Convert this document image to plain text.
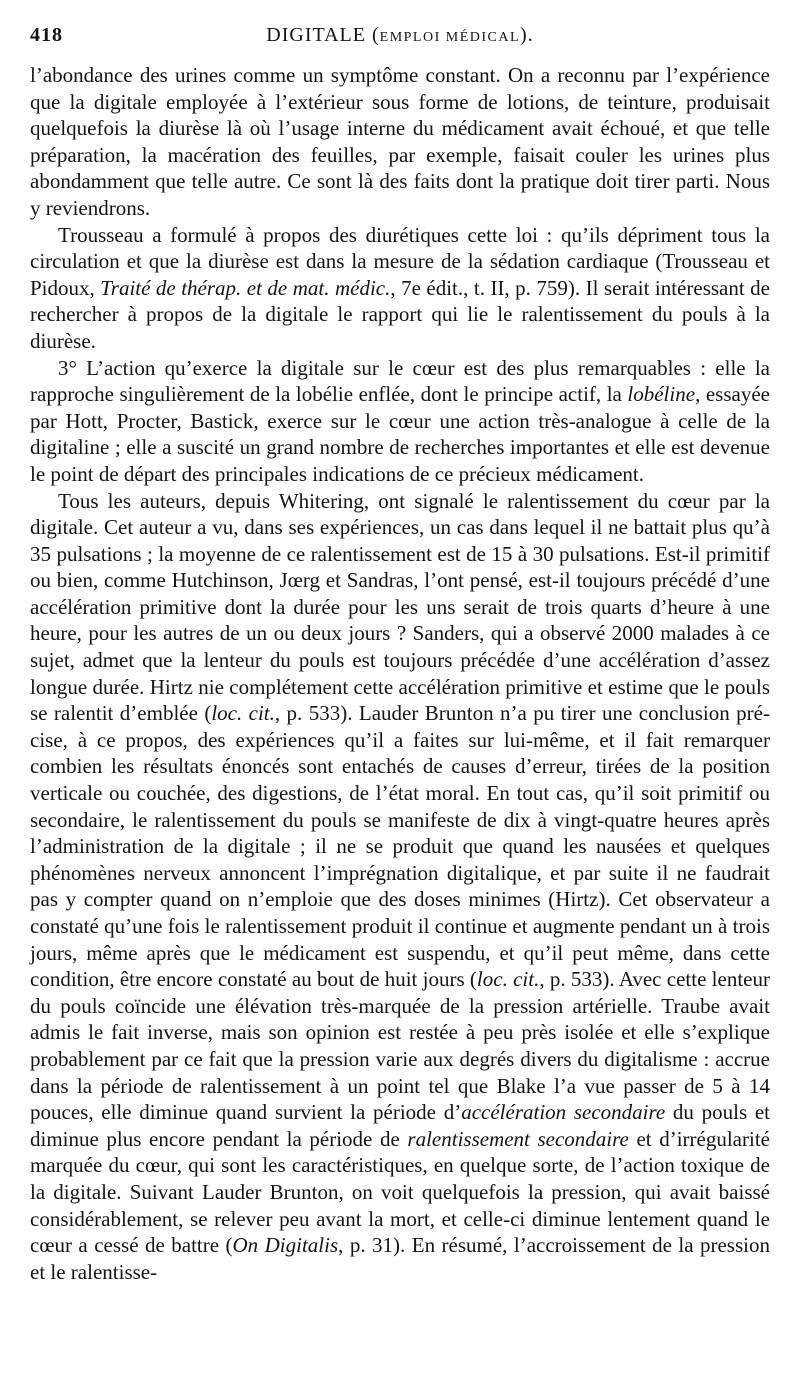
418	DIGITALE (EMPLOI MÉDICAL).

l’abondance des urines comme un symptôme constant. On a reconnu par l’expérience que la digitale employée à l’extérieur sous forme de lotions, de teinture, produisait quelquefois la diurèse là où l’usage interne du médicament avait échoué, et que telle préparation, la macération des feuilles, par exemple, faisait couler les urines plus abondamment que telle autre. Ce sont là des faits dont la pratique doit tirer parti. Nous y reviendrons.

Trousseau a formulé à propos des diurétiques cette loi : qu’ils dépriment tous la circulation et que la diurèse est dans la mesure de la sédation cardiaque (Trousseau et Pidoux, Traité de thérap. et de mat. médic., 7e édit., t. II, p. 759). Il serait intéressant de rechercher à propos de la digitale le rapport qui lie le ralentissement du pouls à la diurèse.

3° L’action qu’exerce la digitale sur le cœur est des plus remarquables : elle la rapproche singulièrement de la lobélie enflée, dont le principe actif, la lobéline, essayée par Hott, Procter, Bastick, exerce sur le cœur une action très-analogue à celle de la digitaline ; elle a suscité un grand nombre de recherches importantes et elle est devenue le point de départ des principales indications de ce précieux médicament.

Tous les auteurs, depuis Whitering, ont signalé le ralentissement du cœur par la digitale. Cet auteur a vu, dans ses expériences, un cas dans lequel il ne battait plus qu’à 35 pulsations ; la moyenne de ce ralentissement est de 15 à 30 pulsations. Est-il primitif ou bien, comme Hutchinson, Jœrg et Sandras, l’ont pensé, est-il toujours précédé d’une accélération primitive dont la durée pour les uns serait de trois quarts d’heure à une heure, pour les autres de un ou deux jours ? Sanders, qui a observé 2000 malades à ce sujet, admet que la lenteur du pouls est toujours précédée d’une accélération d’assez longue durée. Hirtz nie complétement cette accélération primitive et estime que le pouls se ralentit d’emblée (loc. cit., p. 533). Lauder Brunton n’a pu tirer une conclusion pré-cise, à ce propos, des expériences qu’il a faites sur lui-même, et il fait remarquer combien les résultats énoncés sont entachés de causes d’erreur, tirées de la position verticale ou couchée, des digestions, de l’état moral. En tout cas, qu’il soit primitif ou secondaire, le ralentissement du pouls se manifeste de dix à vingt-quatre heures après l’administration de la digitale ; il ne se produit que quand les nausées et quelques phénomènes nerveux annoncent l’imprégnation digitalique, et par suite il ne faudrait pas y compter quand on n’emploie que des doses minimes (Hirtz). Cet observateur a constaté qu’une fois le ralentissement produit il continue et augmente pendant un à trois jours, même après que le médicament est suspendu, et qu’il peut même, dans cette condition, être encore constaté au bout de huit jours (loc. cit., p. 533). Avec cette lenteur du pouls coïncide une élévation très-marquée de la pression artérielle. Traube avait admis le fait inverse, mais son opinion est restée à peu près isolée et elle s’explique probablement par ce fait que la pression varie aux degrés divers du digitalisme : accrue dans la période de ralentissement à un point tel que Blake l’a vue passer de 5 à 14 pouces, elle diminue quand survient la période d’accélération secondaire du pouls et diminue plus encore pendant la période de ralentissement secondaire et d’irrégularité marquée du cœur, qui sont les caractéristiques, en quelque sorte, de l’action toxique de la digitale. Suivant Lauder Brunton, on voit quelquefois la pression, qui avait baissé considérablement, se relever peu avant la mort, et celle-ci diminue lentement quand le cœur a cessé de battre (On Digitalis, p. 31). En résumé, l’accroissement de la pression et le ralentisse-
